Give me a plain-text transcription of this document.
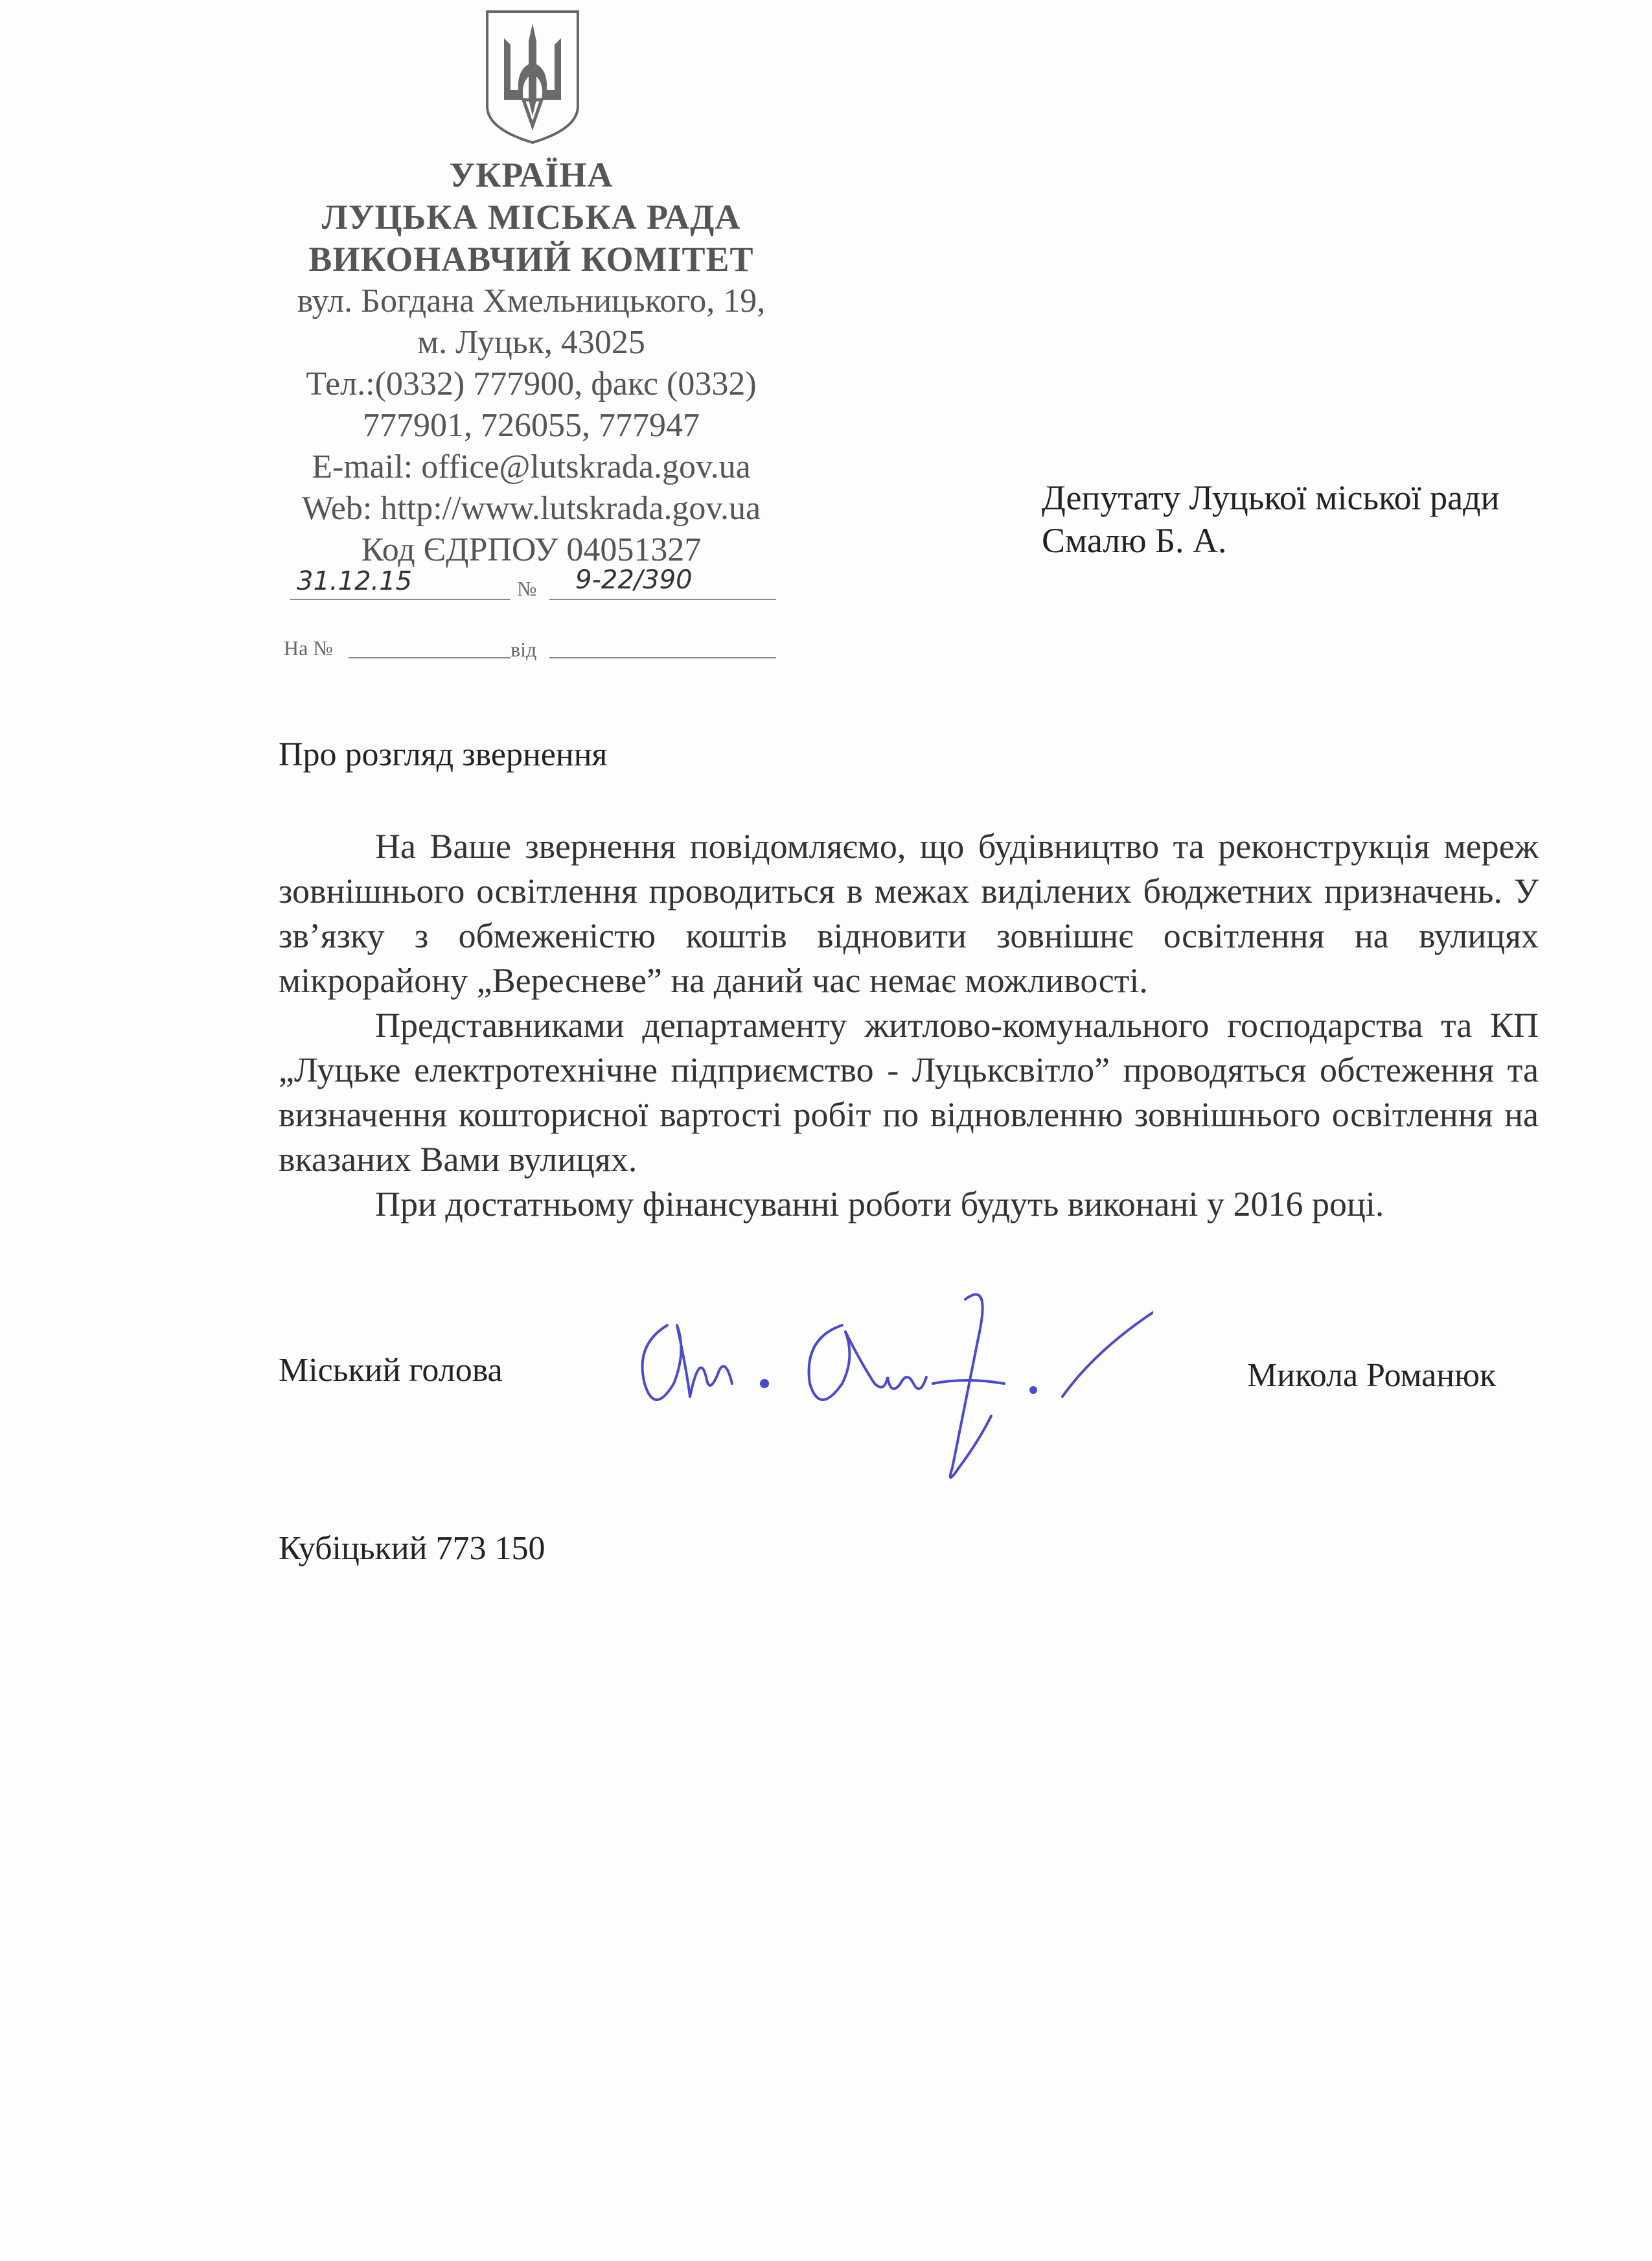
УКРАЇНА
ЛУЦЬКА МІСЬКА РАДА
ВИКОНАВЧИЙ КОМІТЕТ
вул. Богдана Хмельницького, 19,
м. Луцьк, 43025
Тел.:(0332) 777900, факс (0332)
777901, 726055, 777947
E-mail: office@lutskrada.gov.ua
Web: http://www.lutskrada.gov.ua
Код ЄДРПОУ 04051327
31.12.15	№ 9-22/390
На №	від
Депутату Луцької міської ради
Смалю Б. А.
Про розгляд звернення

На Ваше звернення повідомляємо, що будівництво та реконструкція мереж зовнішнього освітлення проводиться в межах виділених бюджетних призначень. У зв’язку з обмеженістю коштів відновити зовнішнє освітлення на вулицях мікрорайону „Вересневе” на даний час немає можливості.

Представниками департаменту житлово-комунального господарства та КП „Луцьке електротехнічне підприємство - Луцьксвітло” проводяться обстеження та визначення кошторисної вартості робіт по відновленню зовнішнього освітлення на вказаних Вами вулицях.

При достатньому фінансуванні роботи будуть виконані у 2016 році.

Міський голова	Микола Романюк
Кубіцький 773 150
